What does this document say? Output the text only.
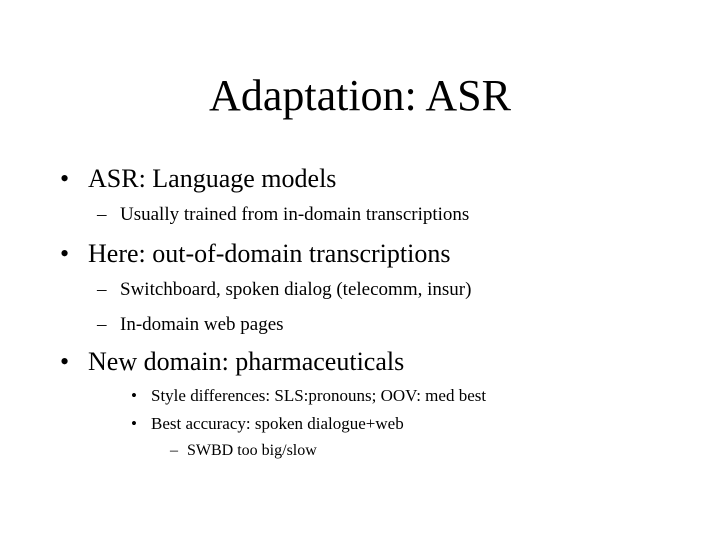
Adaptation: ASR
• ASR: Language models
– Usually trained from in-domain transcriptions
• Here: out-of-domain transcriptions
– Switchboard, spoken dialog (telecomm, insur)
– In-domain web pages
• New domain: pharmaceuticals
• Style differences: SLS:pronouns; OOV: med best
• Best accuracy: spoken dialogue+web
– SWBD too big/slow
